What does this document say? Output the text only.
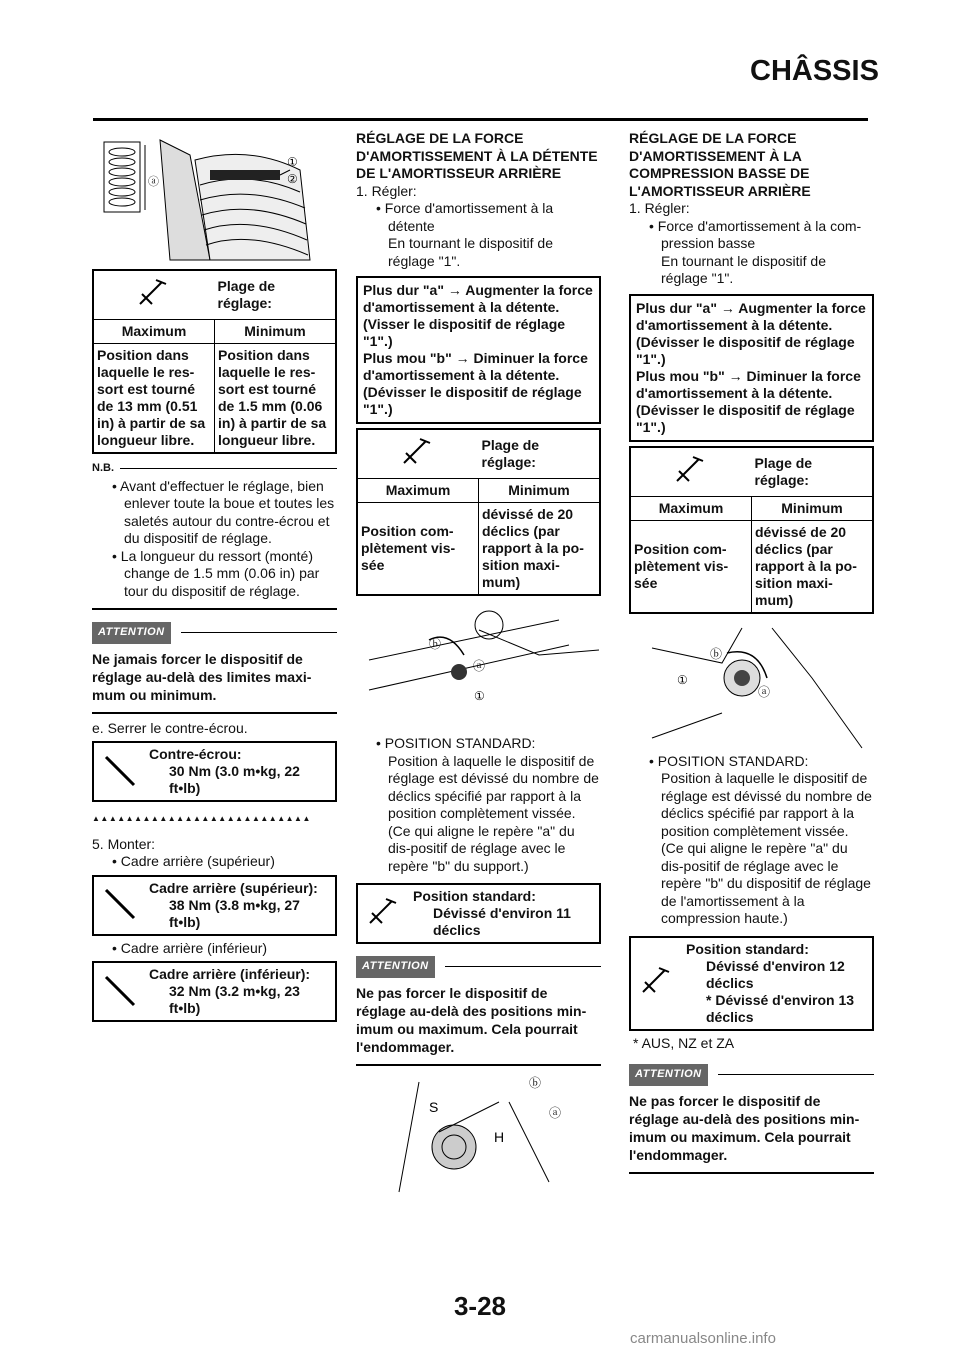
CHÂSSIS
ⓐ
①
②
	Plage de réglage:
Maximum	Minimum
Position dans laquelle le res-sort est tourné de 13 mm (0.51 in) à partir de sa longueur libre.	Position dans laquelle le res-sort est tourné de 1.5 mm (0.06 in) à partir de sa longueur libre.
N.B.

• Avant d'effectuer le réglage, bien enlever toute la boue et toutes les saletés autour du contre-écrou et du dispositif de réglage.

• La longueur du ressort (monté) change de 1.5 mm (0.06 in) par tour du dispositif de réglage.

ATTENTION
Ne jamais forcer le dispositif de réglage au-delà des limites maxi-mum ou minimum.

e. Serrer le contre-écrou.

Contre-écrou:
30 Nm (3.0 m•kg, 22 ft•lb)
▲▲▲▲▲▲▲▲▲▲▲▲▲▲▲▲▲▲▲▲▲▲▲▲▲▲

5. Monter:

• Cadre arrière (supérieur)

Cadre arrière (supérieur):
38 Nm (3.8 m•kg, 27 ft•lb)

• Cadre arrière (inférieur)

Cadre arrière (inférieur):
32 Nm (3.2 m•kg, 23 ft•lb)
RÉGLAGE DE LA FORCE D'AMORTISSEMENT À LA DÉTENTE DE L'AMORTISSEUR ARRIÈRE

1. Régler:

• Force d'amortissement à la détente

En tournant le dispositif de

réglage "1".

Plus dur "a" → Augmenter la force d'amortissement à la détente. (Visser le dispositif de réglage "1".)
Plus mou "b" → Diminuer la force d'amortissement à la détente. (Dévisser le dispositif de réglage "1".)
	Plage de réglage:
Maximum	Minimum
Position com-plètement vis-sée	dévissé de 20 déclics (par rapport à la po-sition maxi-mum)
ⓑ
ⓐ
①

• POSITION STANDARD:

Position à laquelle le dispositif de réglage est dévissé du nombre de déclics spécifié par rapport à la position complètement vissée. (Ce qui aligne le repère "a" du dis-positif de réglage avec le repère "b" du support.)

Position standard:
Dévissé d'environ 11 déclics
ATTENTION
Ne pas forcer le dispositif de réglage au-delà des positions min-imum ou maximum. Cela pourrait l'endommager.
S
H
ⓑ
ⓐ
RÉGLAGE DE LA FORCE D'AMORTISSEMENT À LA COMPRESSION BASSE DE L'AMORTISSEUR ARRIÈRE

1. Régler:

• Force d'amortissement à la com-pression basse

En tournant le dispositif de

réglage "1".

Plus dur "a" → Augmenter la force d'amortissement à la détente. (Dévisser le dispositif de réglage "1".)
Plus mou "b" → Diminuer la force d'amortissement à la détente. (Dévisser le dispositif de réglage "1".)
	Plage de réglage:
Maximum	Minimum
Position com-plètement vis-sée	dévissé de 20 déclics (par rapport à la po-sition maxi-mum)
ⓑ
ⓐ
①

• POSITION STANDARD:

Position à laquelle le dispositif de réglage est dévissé du nombre de déclics spécifié par rapport à la position complètement vissée. (Ce qui aligne le repère "a" du dis-positif de réglage avec le repère "b" du dispositif de réglage de l'amortissement à la compression haute.)

Position standard:
Dévissé d'environ 12 déclics
* Dévissé d'environ 13 déclics

* AUS, NZ et ZA

ATTENTION
Ne pas forcer le dispositif de réglage au-delà des positions min-imum ou maximum. Cela pourrait l'endommager.
3-28
carmanualsonline.info
